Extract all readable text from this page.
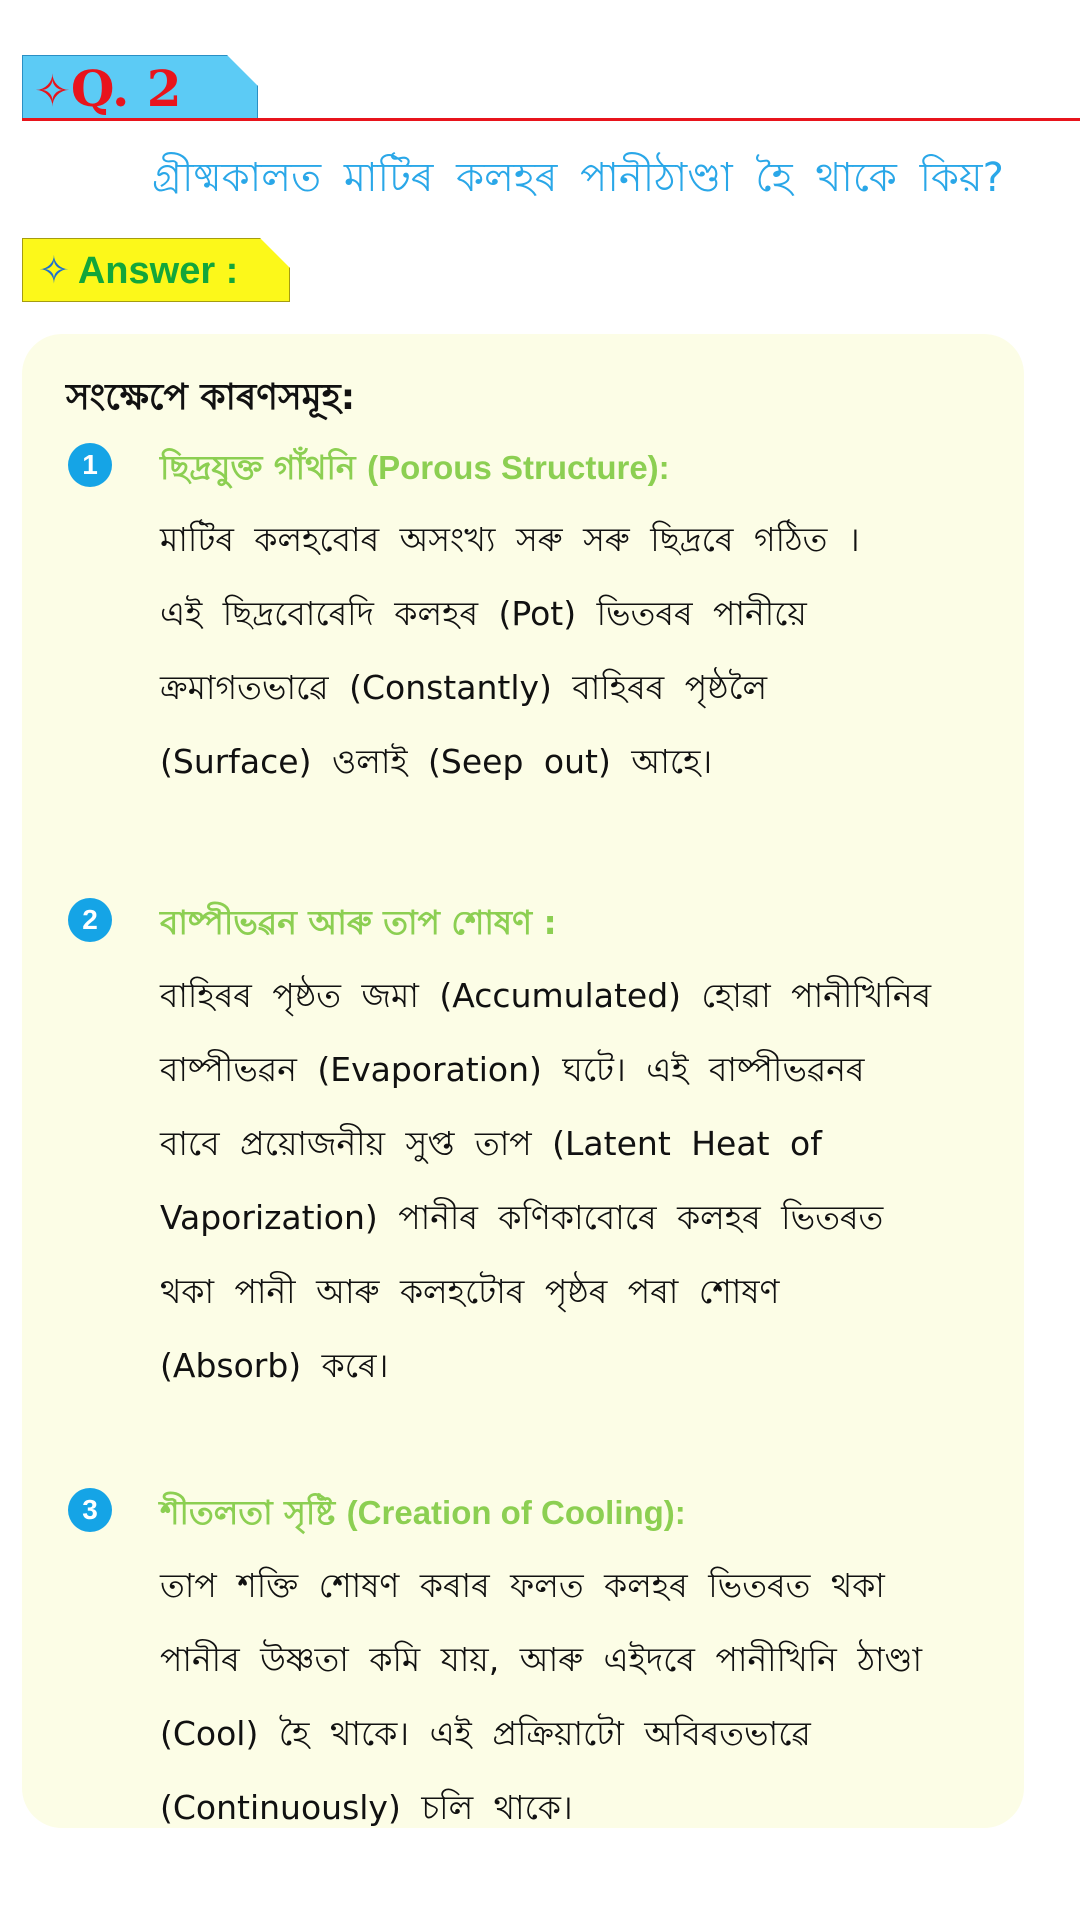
✧Q. 2
গ্ৰীষ্মকালত মাটিৰ কলহৰ পানীঠাণ্ডা হৈ থাকে কিয়?
✧ Answer :
সংক্ষেপে কাৰণসমূহ:
1	ছিদ্ৰযুক্ত গাঁথনি (Porous Structure):
মাটিৰ কলহবোৰ অসংখ্য সৰু সৰু ছিদ্ৰৰে গঠিত ।
এই ছিদ্ৰবোৰেদি কলহৰ (Pot) ভিতৰৰ পানীয়ে
ক্ৰমাগতভাৱে (Constantly) বাহিৰৰ পৃষ্ঠলৈ
(Surface) ওলাই (Seep out) আহে।
2	বাষ্পীভৱন আৰু তাপ শোষণ :
বাহিৰৰ পৃষ্ঠত জমা (Accumulated) হোৱা পানীখিনিৰ
বাষ্পীভৱন (Evaporation) ঘটে। এই বাষ্পীভৱনৰ
বাবে প্ৰয়োজনীয় সুপ্ত তাপ (Latent Heat of
Vaporization) পানীৰ কণিকাবোৰে কলহৰ ভিতৰত
থকা পানী আৰু কলহটোৰ পৃষ্ঠৰ পৰা শোষণ
(Absorb) কৰে।
3	শীতলতা সৃষ্টি (Creation of Cooling):
তাপ শক্তি শোষণ কৰাৰ ফলত কলহৰ ভিতৰত থকা
পানীৰ উষ্ণতা কমি যায়, আৰু এইদৰে পানীখিনি ঠাণ্ডা
(Cool) হৈ থাকে। এই প্ৰক্ৰিয়াটো অবিৰতভাৱে
(Continuously) চলি থাকে।
